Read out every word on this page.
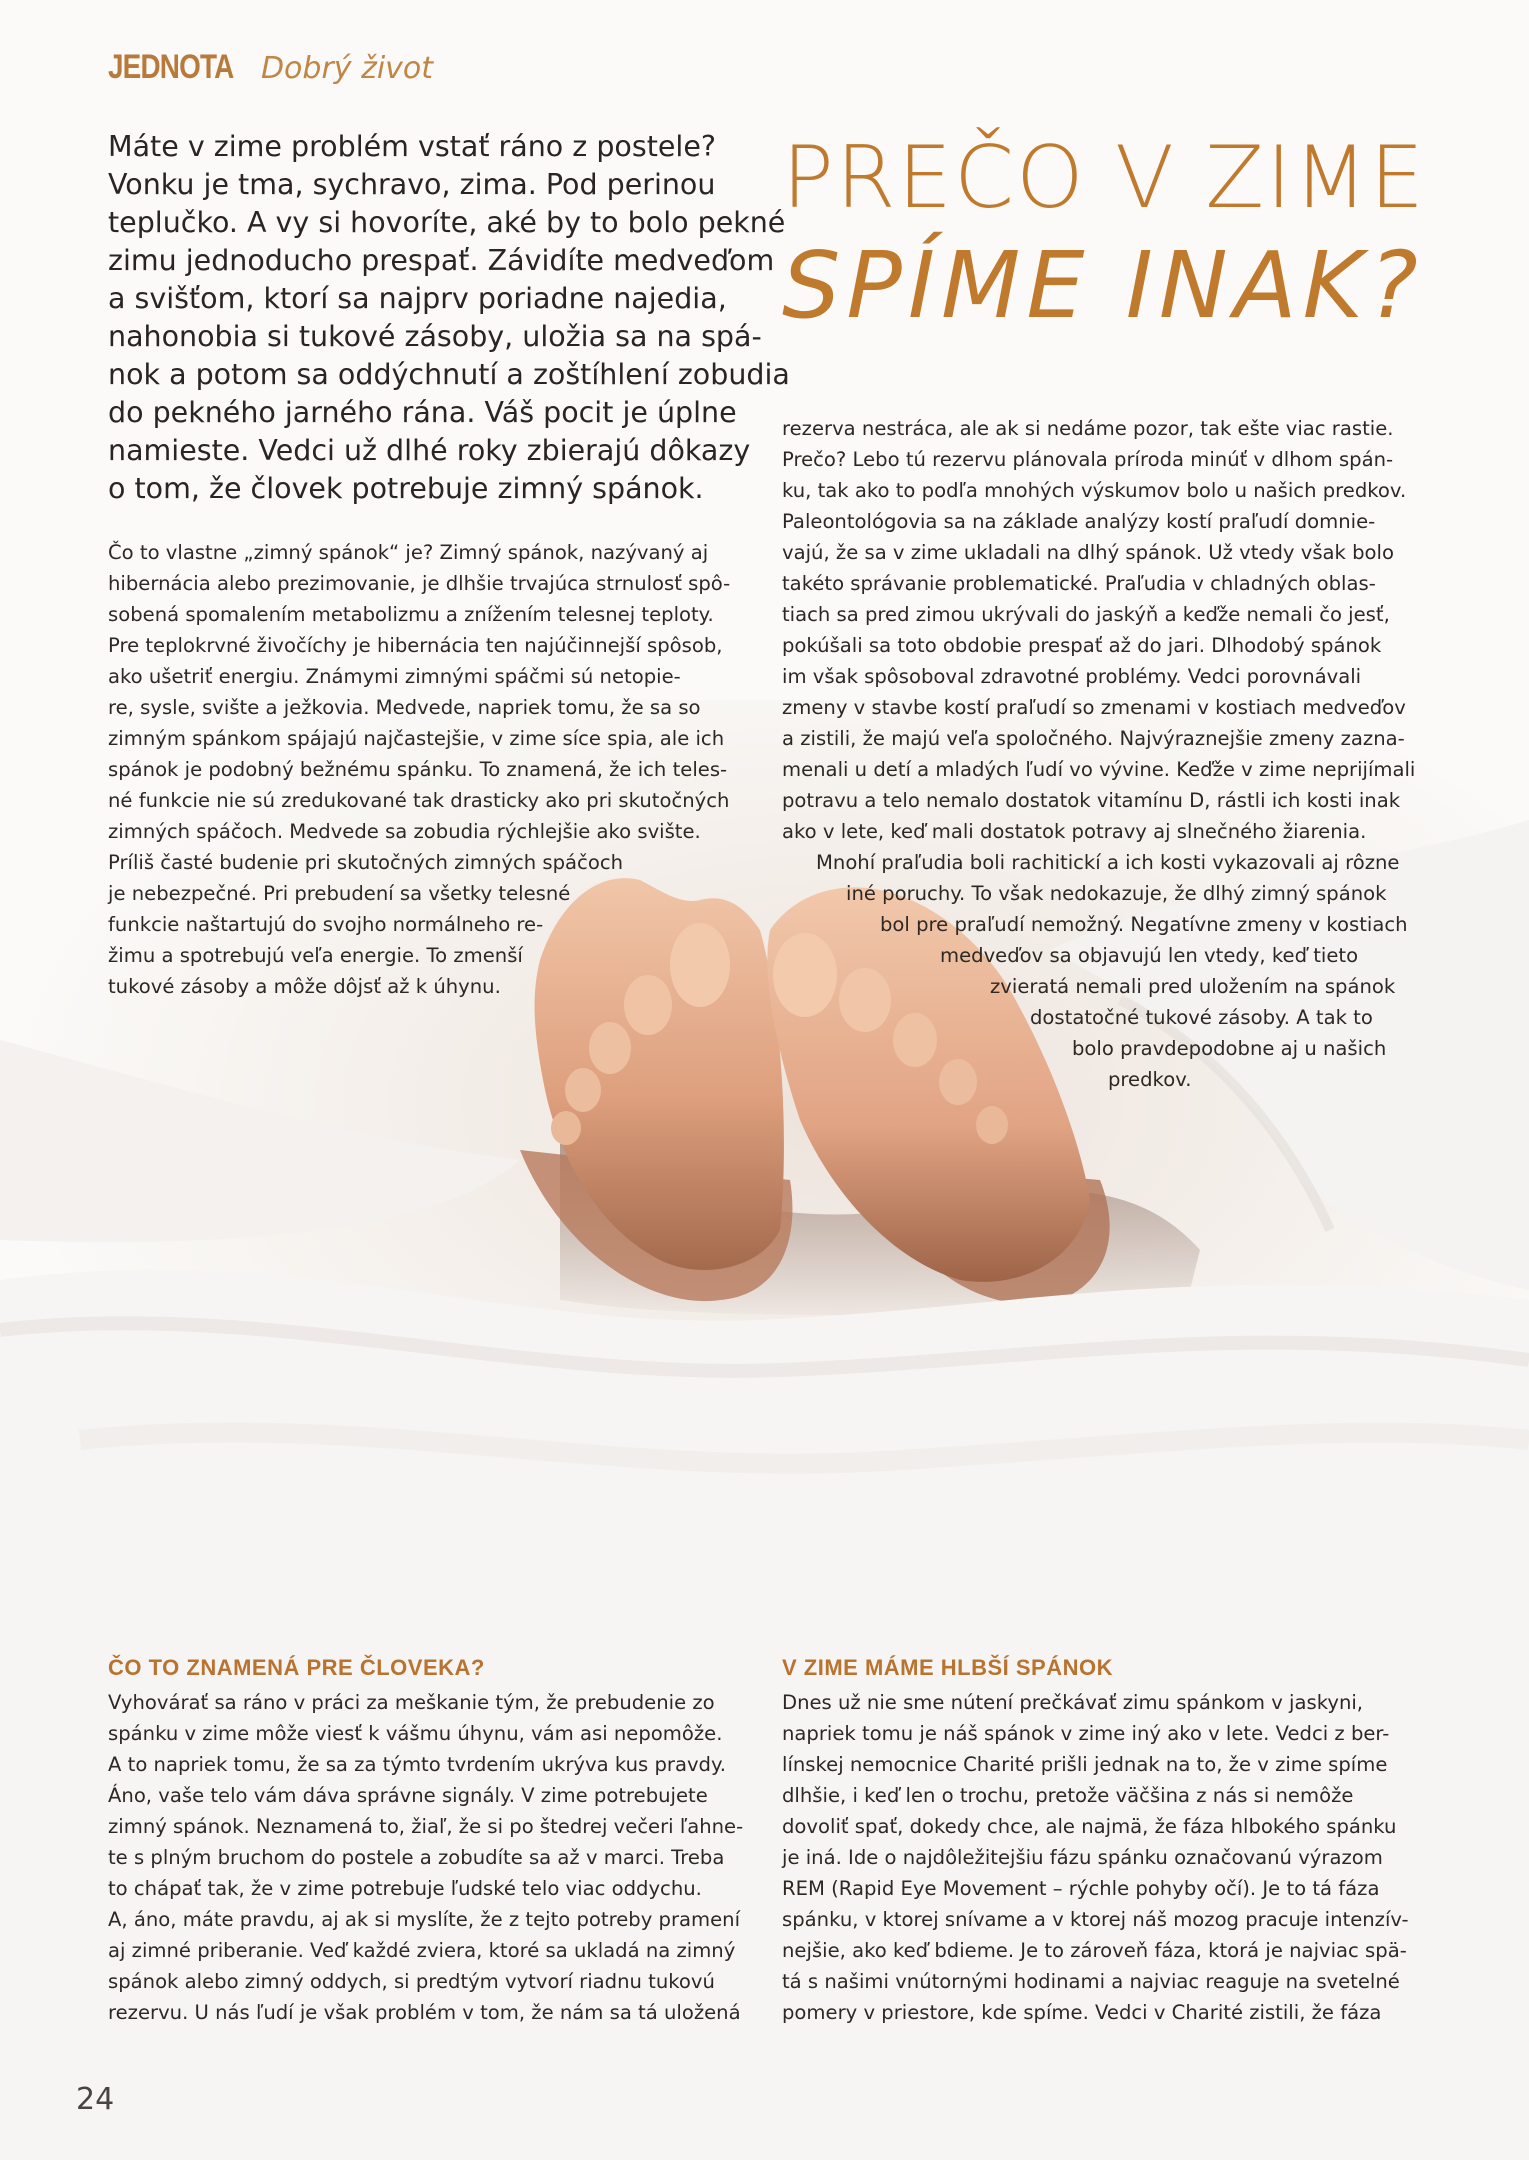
JEDNOTA Dobrý život
PREČO V ZIME
SPÍME INAK?
Máte v zime problém vstať ráno z postele?
Vonku je tma, sychravo, zima. Pod perinou
teplučko. A vy si hovoríte, aké by to bolo pekné
zimu jednoducho prespať. Závidíte medveďom
a svišťom, ktorí sa najprv poriadne najedia,
nahonobia si tukové zásoby, uložia sa na spá-
nok a potom sa oddýchnutí a zoštíhlení zobudia
do pekného jarného rána. Váš pocit je úplne
namieste. Vedci už dlhé roky zbierajú dôkazy
o tom, že človek potrebuje zimný spánok.
Čo to vlastne „zimný spánok“ je? Zimný spánok, nazývaný aj
hibernácia alebo prezimovanie, je dlhšie trvajúca strnulosť spô-
sobená spomalením metabolizmu a znížením telesnej teploty.
Pre teplokrvné živočíchy je hibernácia ten najúčinnejší spôsob,
ako ušetriť energiu. Známymi zimnými spáčmi sú netopie-
re, sysle, svište a ježkovia. Medvede, napriek tomu, že sa so
zimným spánkom spájajú najčastejšie, v zime síce spia, ale ich
spánok je podobný bežnému spánku. To znamená, že ich teles-
né funkcie nie sú zredukované tak drasticky ako pri skutočných
zimných spáčoch. Medvede sa zobudia rýchlejšie ako svište.
Príliš časté budenie pri skutočných zimných spáčoch
je nebezpečné. Pri prebudení sa všetky telesné
funkcie naštartujú do svojho normálneho re-
žimu a spotrebujú veľa energie. To zmenší
tukové zásoby a môže dôjsť až k úhynu.
rezerva nestráca, ale ak si nedáme pozor, tak ešte viac rastie.
Prečo? Lebo tú rezervu plánovala príroda minúť v dlhom spán-
ku, tak ako to podľa mnohých výskumov bolo u našich predkov.
Paleontológovia sa na základe analýzy kostí praľudí domnie-
vajú, že sa v zime ukladali na dlhý spánok. Už vtedy však bolo
takéto správanie problematické. Praľudia v chladných oblas-
tiach sa pred zimou ukrývali do jaskýň a keďže nemali čo jesť,
pokúšali sa toto obdobie prespať až do jari. Dlhodobý spánok
im však spôsoboval zdravotné problémy. Vedci porovnávali
zmeny v stavbe kostí praľudí so zmenami v kostiach medveďov
a zistili, že majú veľa spoločného. Najvýraznejšie zmeny zazna-
menali u detí a mladých ľudí vo vývine. Keďže v zime neprijímali
potravu a telo nemalo dostatok vitamínu D, rástli ich kosti inak
ako v lete, keď mali dostatok potravy aj slnečného žiarenia.
Mnohí praľudia boli rachitickí a ich kosti vykazovali aj rôzne
iné poruchy. To však nedokazuje, že dlhý zimný spánok
bol pre praľudí nemožný. Negatívne zmeny v kostiach
medveďov sa objavujú len vtedy, keď tieto
zvieratá nemali pred uložením na spánok
dostatočné tukové zásoby. A tak to
bolo pravdepodobne aj u našich
predkov.
ČO TO ZNAMENÁ PRE ČLOVEKA?
Vyhovárať sa ráno v práci za meškanie tým, že prebudenie zo
spánku v zime môže viesť k vášmu úhynu, vám asi nepomôže.
A to napriek tomu, že sa za týmto tvrdením ukrýva kus pravdy.
Áno, vaše telo vám dáva správne signály. V zime potrebujete
zimný spánok. Neznamená to, žiaľ, že si po štedrej večeri ľahne-
te s plným bruchom do postele a zobudíte sa až v marci. Treba
to chápať tak, že v zime potrebuje ľudské telo viac oddychu.
A, áno, máte pravdu, aj ak si myslíte, že z tejto potreby pramení
aj zimné priberanie. Veď každé zviera, ktoré sa ukladá na zimný
spánok alebo zimný oddych, si predtým vytvorí riadnu tukovú
rezervu. U nás ľudí je však problém v tom, že nám sa tá uložená
V ZIME MÁME HLBŠÍ SPÁNOK
Dnes už nie sme nútení prečkávať zimu spánkom v jaskyni,
napriek tomu je náš spánok v zime iný ako v lete. Vedci z ber-
línskej nemocnice Charité prišli jednak na to, že v zime spíme
dlhšie, i keď len o trochu, pretože väčšina z nás si nemôže
dovoliť spať, dokedy chce, ale najmä, že fáza hlbokého spánku
je iná. Ide o najdôležitejšiu fázu spánku označovanú výrazom
REM (Rapid Eye Movement – rýchle pohyby očí). Je to tá fáza
spánku, v ktorej snívame a v ktorej náš mozog pracuje intenzív-
nejšie, ako keď bdieme. Je to zároveň fáza, ktorá je najviac spä-
tá s našimi vnútornými hodinami a najviac reaguje na svetelné
pomery v priestore, kde spíme. Vedci v Charité zistili, že fáza
24
